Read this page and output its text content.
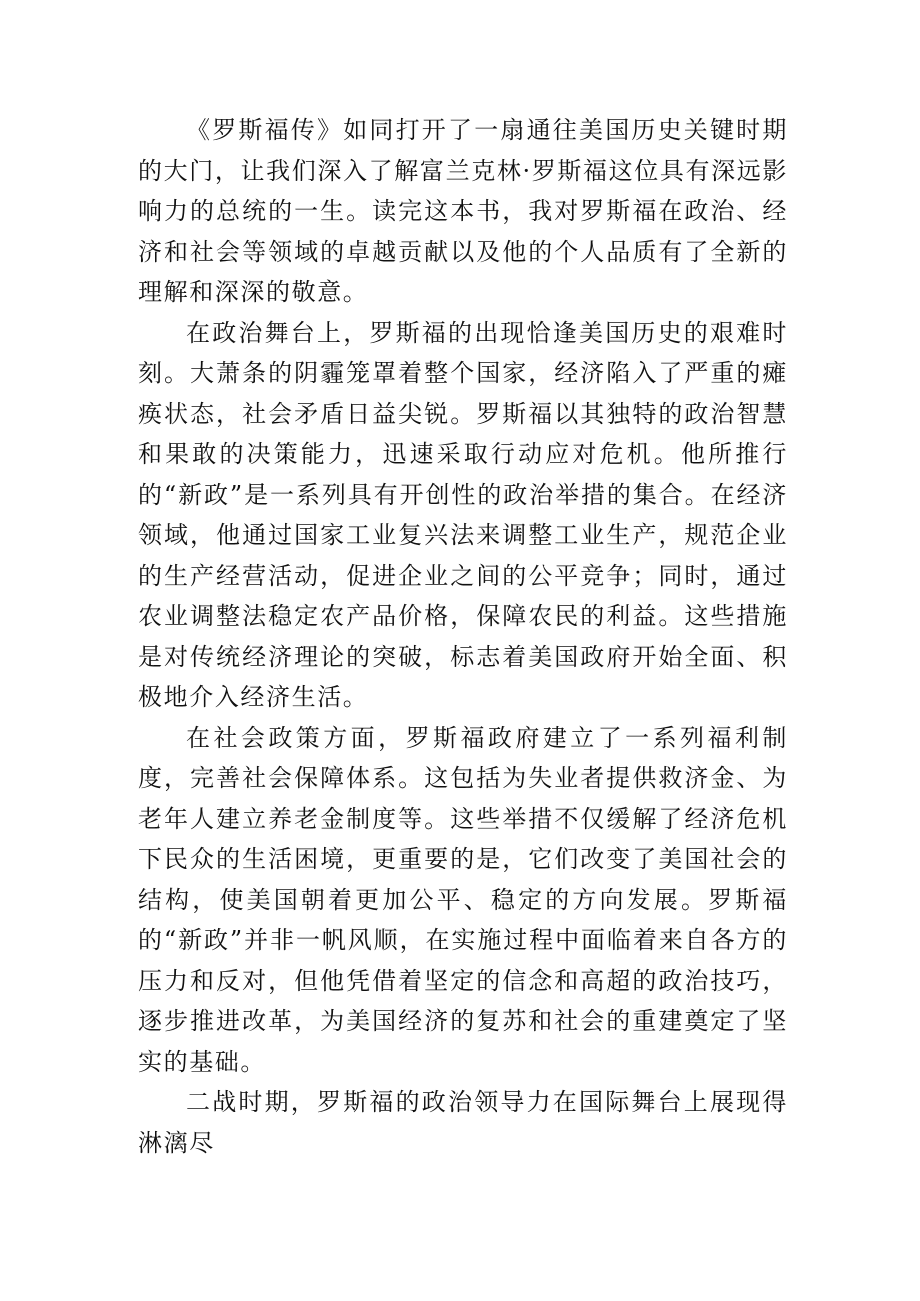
《罗斯福传》如同打开了一扇通往美国历史关键时期的大门，让我们深入了解富兰克林·罗斯福这位具有深远影响力的总统的一生。读完这本书，我对罗斯福在政治、经济和社会等领域的卓越贡献以及他的个人品质有了全新的理解和深深的敬意。

在政治舞台上，罗斯福的出现恰逢美国历史的艰难时刻。大萧条的阴霾笼罩着整个国家，经济陷入了严重的瘫痪状态，社会矛盾日益尖锐。罗斯福以其独特的政治智慧和果敢的决策能力，迅速采取行动应对危机。他所推行的“新政”是一系列具有开创性的政治举措的集合。在经济领域，他通过国家工业复兴法来调整工业生产，规范企业的生产经营活动，促进企业之间的公平竞争；同时，通过农业调整法稳定农产品价格，保障农民的利益。这些措施是对传统经济理论的突破，标志着美国政府开始全面、积极地介入经济生活。

在社会政策方面，罗斯福政府建立了一系列福利制度，完善社会保障体系。这包括为失业者提供救济金、为老年人建立养老金制度等。这些举措不仅缓解了经济危机下民众的生活困境，更重要的是，它们改变了美国社会的结构，使美国朝着更加公平、稳定的方向发展。罗斯福的“新政”并非一帆风顺，在实施过程中面临着来自各方的压力和反对，但他凭借着坚定的信念和高超的政治技巧，逐步推进改革，为美国经济的复苏和社会的重建奠定了坚实的基础。

二战时期，罗斯福的政治领导力在国际舞台上展现得淋漓尽
